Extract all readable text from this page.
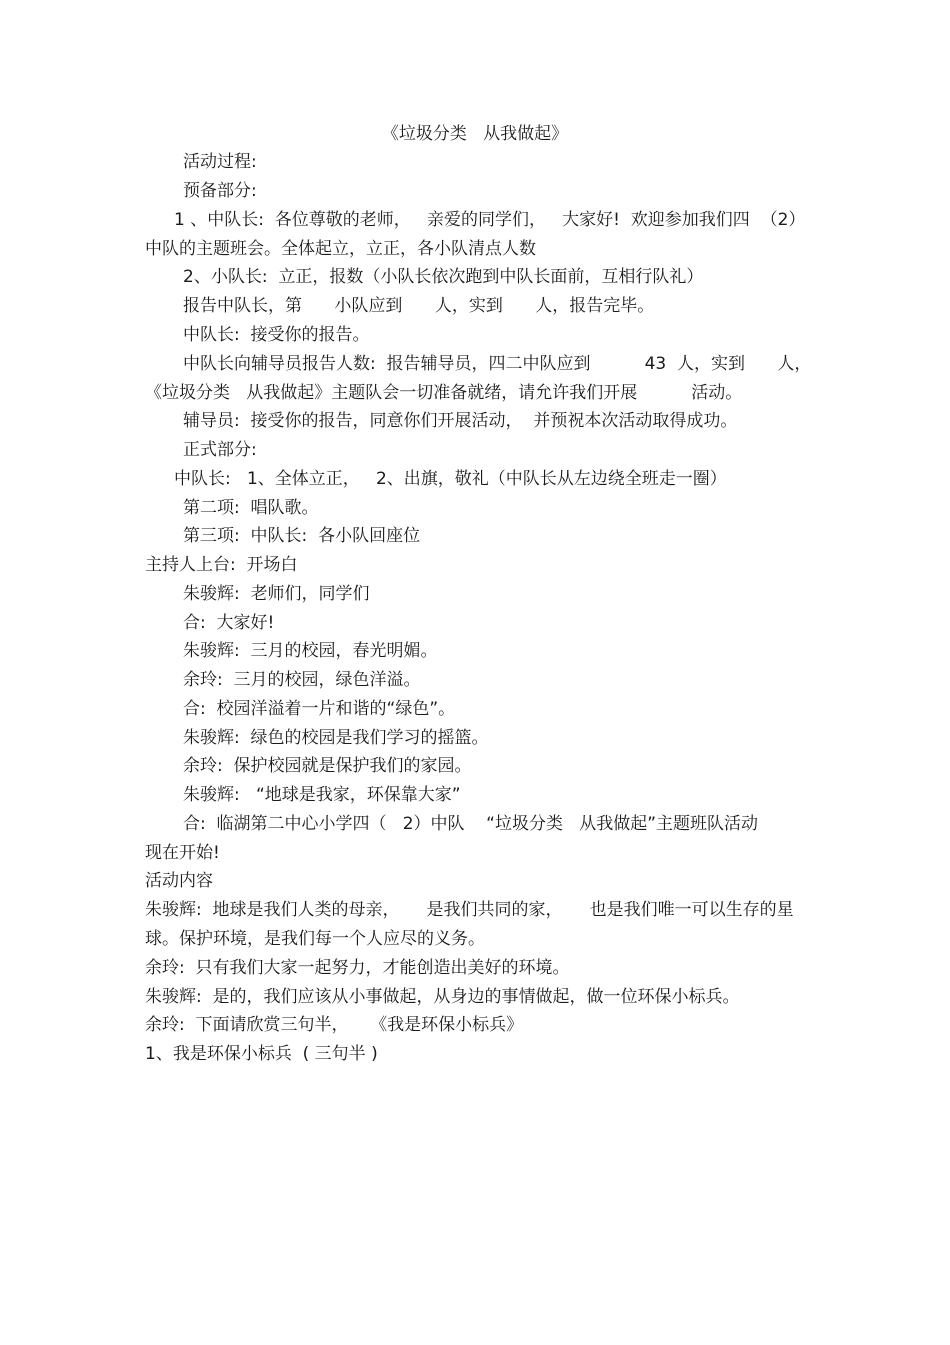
《垃圾分类   从我做起》
活动过程:
预备部分:
1 、中队长:  各位尊敬的老师，   亲爱的同学们，   大家好!  欢迎参加我们四  （2）
中队的主题班会。全体起立，立正，各小队清点人数
2、小队长:  立正，报数（小队长依次跑到中队长面前，互相行队礼）
报告中队长，第      小队应到      人，实到      人，报告完毕。
中队长:  接受你的报告。
中队长向辅导员报告人数:  报告辅导员，四二中队应到          43  人，实到      人，
《垃圾分类   从我做起》主题队会一切准备就绪，请允许我们开展          活动。
辅导员:  接受你的报告，同意你们开展活动，  并预祝本次活动取得成功。
正式部分:
中队长:   1、全体立正，   2、出旗，敬礼（中队长从左边绕全班走一圈）
第二项:  唱队歌。
第三项:  中队长:  各小队回座位
主持人上台:  开场白
朱骏辉:  老师们，同学们
合:  大家好!
朱骏辉:  三月的校园，春光明媚。
余玲:  三月的校园，绿色洋溢。
合:  校园洋溢着一片和谐的“绿色”。
朱骏辉:  绿色的校园是我们学习的摇篮。
余玲:  保护校园就是保护我们的家园。
朱骏辉:   “地球是我家，环保靠大家”
合:  临湖第二中心小学四（   2）中队    “垃圾分类   从我做起”主题班队活动
现在开始!
活动内容
朱骏辉:  地球是我们人类的母亲，     是我们共同的家，     也是我们唯一可以生存的星
球。保护环境，是我们每一个人应尽的义务。
余玲:  只有我们大家一起努力，才能创造出美好的环境。
朱骏辉:  是的，我们应该从小事做起，从身边的事情做起，做一位环保小标兵。
余玲:  下面请欣赏三句半，    《我是环保小标兵》
1、我是环保小标兵  ( 三句半 )
